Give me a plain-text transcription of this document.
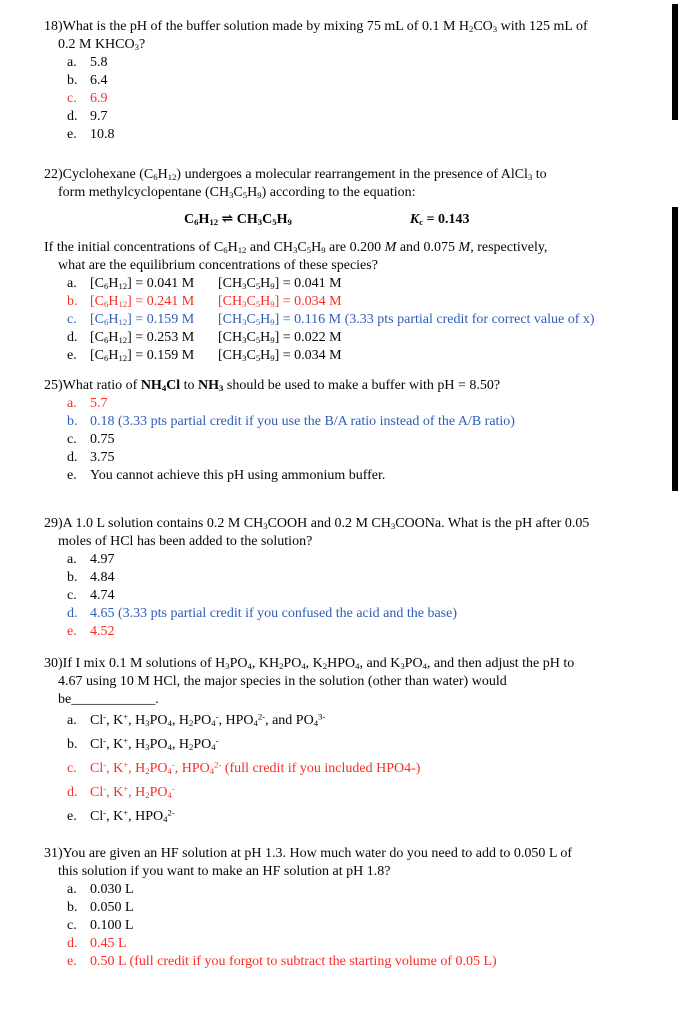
18)What is the pH of the buffer solution made by mixing 75 mL of 0.1 M $H_2CO_3$ with 125 mL of
0.2 M $KHCO_3$?

a. 5.8
b. 6.4
c. 6.9
d. 9.7
e. 10.8

22)Cyclohexane $(C_6H_{12})$ undergoes a molecular rearrangement in the presence of AlCl$_3$ to
form methylcyclopentane $(CH_3C_5H_9)$ according to the equation:

$C_6H_{12}$ ⇌ $CH_3C_5H_9$	$K_c = 0.143$

If the initial concentrations of $C_6H_{12}$ and $CH_3C_5H_9$ are 0.200 M and 0.075 M, respectively,
what are the equilibrium concentrations of these species?

a. $[C_6H_{12}] = 0.041$ M	$[CH_3C_5H_9] = 0.041$ M
b. $[C_6H_{12}] = 0.241$ M	$[CH_3C_5H_9] = 0.034$ M
c. $[C_6H_{12}] = 0.159$ M	$[CH_3C_5H_9] = 0.116$ M (3.33 pts partial credit for correct value of x)
d. $[C_6H_{12}] = 0.253$ M	$[CH_3C_5H_9] = 0.022$ M
e. $[C_6H_{12}] = 0.159$ M	$[CH_3C_5H_9] = 0.034$ M

25)What ratio of $NH_4Cl$ to $NH_3$ should be used to make a buffer with pH = 8.50?

a. 5.7
b. 0.18 (3.33 pts partial credit if you use the B/A ratio instead of the A/B ratio)
c. 0.75
d. 3.75
e. You cannot achieve this pH using ammonium buffer.

29)A 1.0 L solution contains 0.2 M $CH_3COOH$ and 0.2 M $CH_3COONa$. What is the pH after 0.05
moles of HCl has been added to the solution?

a. 4.97
b. 4.84
c. 4.74
d. 4.65 (3.33 pts partial credit if you confused the acid and the base)
e. 4.52

30)If I mix 0.1 M solutions of $H_3PO_4$, $KH_2PO_4$, $K_2HPO_4$, and $K_3PO_4$, and then adjust the pH to
4.67 using 10 M HCl, the major species in the solution (other than water) would
be____________.

a. Cl-, K+, $H_3PO_4$, $H_2PO_4^-$, $HPO_4^{2-}$, and $PO_4^{3-}$
b. Cl-, K+, $H_3PO_4$, $H_2PO_4^-$
c. Cl-, K+, $H_2PO_4^-$, $HPO_4^{2-}$ (full credit if you included HPO4-)
d. Cl-, K+, $H_2PO_4^-$
e. Cl-, K+, $HPO_4^{2-}$

31)You are given an HF solution at pH 1.3. How much water do you need to add to 0.050 L of
this solution if you want to make an HF solution at pH 1.8?

a. 0.030 L
b. 0.050 L
c. 0.100 L
d. 0.45 L
e. 0.50 L (full credit if you forgot to subtract the starting volume of 0.05 L)
